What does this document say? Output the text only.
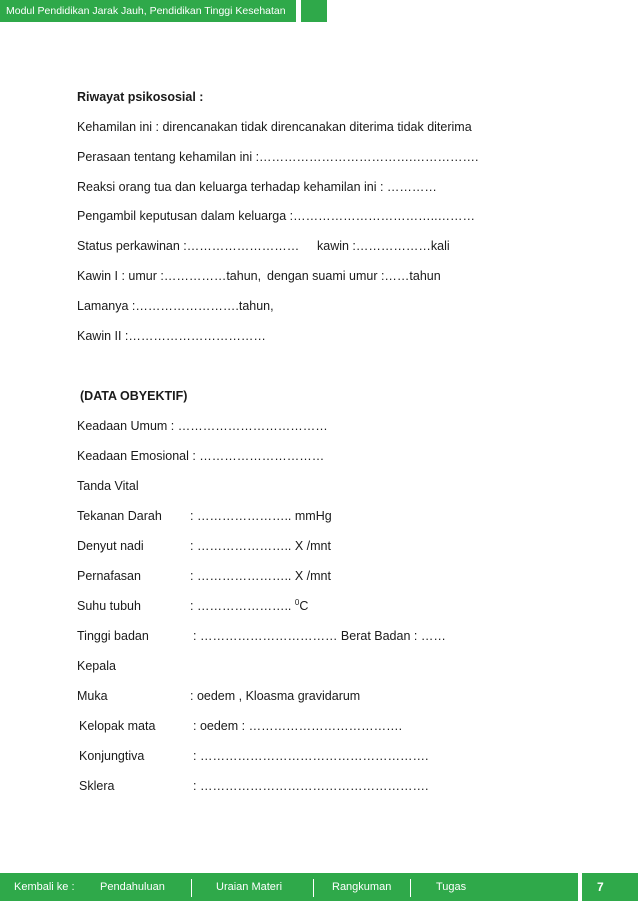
Modul Pendidikan Jarak Jauh, Pendidikan Tinggi Kesehatan
Riwayat psikososial :
Kehamilan ini : direncanakan tidak direncanakan diterima tidak diterima
Perasaan tentang kehamilan ini :……………………………….…………….
Reaksi orang tua dan keluarga terhadap kehamilan ini : …………
Pengambil keputusan dalam keluarga :……………………………..………
Status perkawinan :……………………… kawin :………………kali
Kawin I : umur :……………tahun, dengan suami umur :……tahun
Lamanya :…………………….tahun,
Kawin II :……………………………
(DATA OBYEKTIF)
Keadaan Umum : ………………………………
Keadaan Emosional : …………………………
Tanda Vital
Tekanan Darah : ………………….. mmHg
Denyut nadi	: ………………….. X /mnt
Pernafasan	: ………………….. X /mnt
Suhu tubuh	: ………………….. $^0$C
Tinggi badan	: …………………………… Berat Badan : ……
Kepala
Muka	: oedem , Kloasma gravidarum
Kelopak mata	: oedem : ……………………………….
Konjungtiva	: ……………………………………………….
Sklera	: ……………………………………………….
Kembali ke : Pendahuluan	Uraian Materi	Rangkuman	Tugas	7
